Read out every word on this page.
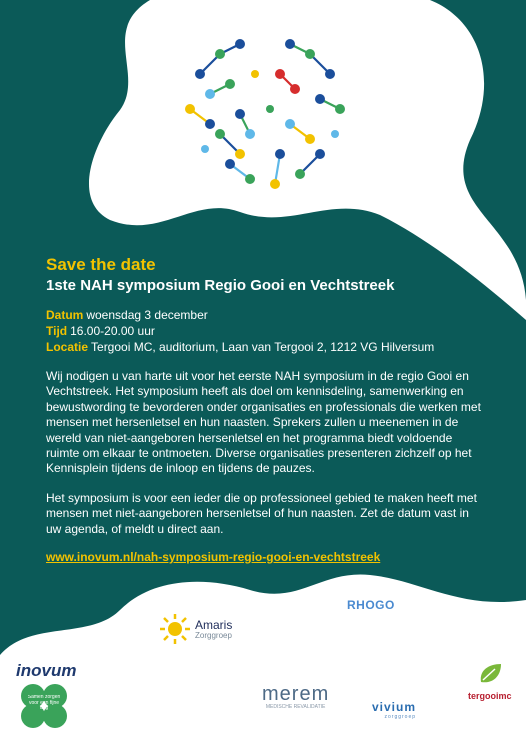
Save the date
1ste NAH symposium Regio Gooi en Vechtstreek
Datum woensdag 3 december
Tijd 16.00-20.00 uur
Locatie Tergooi MC, auditorium, Laan van Tergooi 2, 1212 VG Hilversum
Wij nodigen u van harte uit voor het eerste NAH symposium in de regio Gooi en Vechtstreek. Het symposium heeft als doel om kennisdeling, samenwerking en bewustwording te bevorderen onder organisaties en professionals die werken met mensen met hersenletsel en hun naasten. Sprekers zullen u meenemen in de wereld van niet-aangeboren hersenletsel en het programma biedt voldoende ruimte om elkaar te ontmoeten. Diverse organisaties presenteren zichzelf op het Kennisplein tijdens de inloop en tijdens de pauzes.
Het symposium is voor een ieder die op professioneel gebied te maken heeft met mensen met niet-aangeboren hersenletsel of hun naasten. Zet de datum vast in uw agenda, of meldt u direct aan.
www.inovum.nl/nah-symposium-regio-gooi-en-vechtstreek
Amaris
Zorggroep
RHOGO
inovum
Samen zorgen voor een fijne dag
merem
MEDISCHE REVALIDATIE	vivium
zorggroep
tergooimc
